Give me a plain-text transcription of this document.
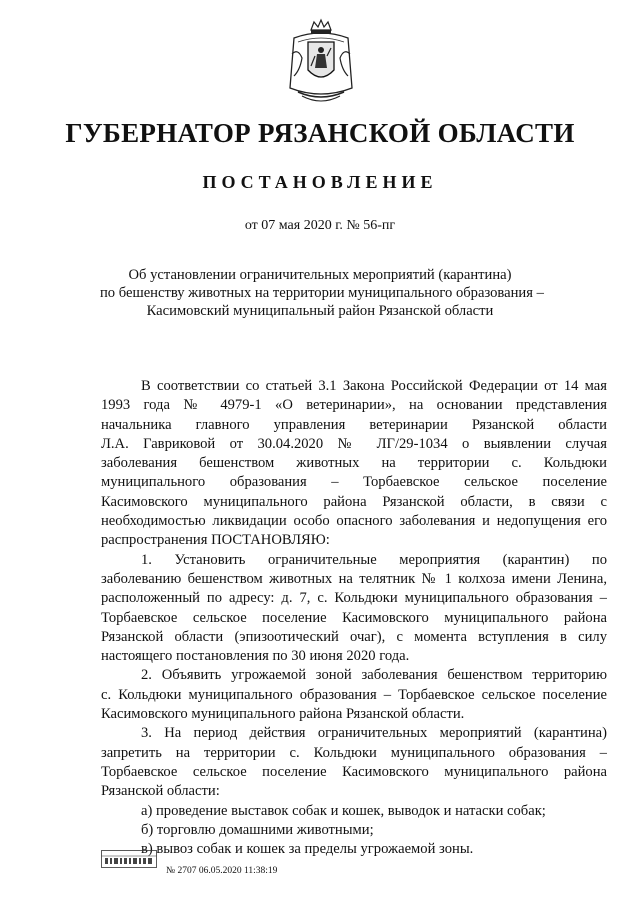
ГУБЕРНАТОР РЯЗАНСКОЙ ОБЛАСТИ
ПОСТАНОВЛЕНИЕ
от 07 мая 2020 г. № 56-пг
Об установлении ограничительных мероприятий (карантина)
по бешенству животных на территории муниципального образования –
Касимовский муниципальный район Рязанской области
В соответствии со статьей 3.1 Закона Российской Федерации от 14 мая
1993 года № 4979-1 «О ветеринарии», на основании представления
начальника главного управления ветеринарии Рязанской области
Л.А. Гавриковой от 30.04.2020 № ЛГ/29-1034 о выявлении случая
заболевания бешенством животных на территории с. Кольдюки
муниципального образования – Торбаевское сельское поселение
Касимовского муниципального района Рязанской области, в связи с
необходимостью ликвидации особо опасного заболевания и недопущения его
распространения ПОСТАНОВЛЯЮ:
1. Установить ограничительные мероприятия (карантин) по
заболеванию бешенством животных на телятник № 1 колхоза имени Ленина,
расположенный по адресу: д. 7, с. Кольдюки муниципального образования –
Торбаевское сельское поселение Касимовского муниципального района
Рязанской области (эпизоотический очаг), с момента вступления в силу
настоящего постановления по 30 июня 2020 года.
2. Объявить угрожаемой зоной заболевания бешенством территорию
с. Кольдюки муниципального образования – Торбаевское сельское поселение
Касимовского муниципального района Рязанской области.
3. На период действия ограничительных мероприятий (карантина)
запретить на территории с. Кольдюки муниципального образования –
Торбаевское сельское поселение Касимовского муниципального района
Рязанской области:
а) проведение выставок собак и кошек, выводок и натаски собак;
б) торговлю домашними животными;
в) вывоз собак и кошек за пределы угрожаемой зоны.
№ 2707 06.05.2020 11:38:19
